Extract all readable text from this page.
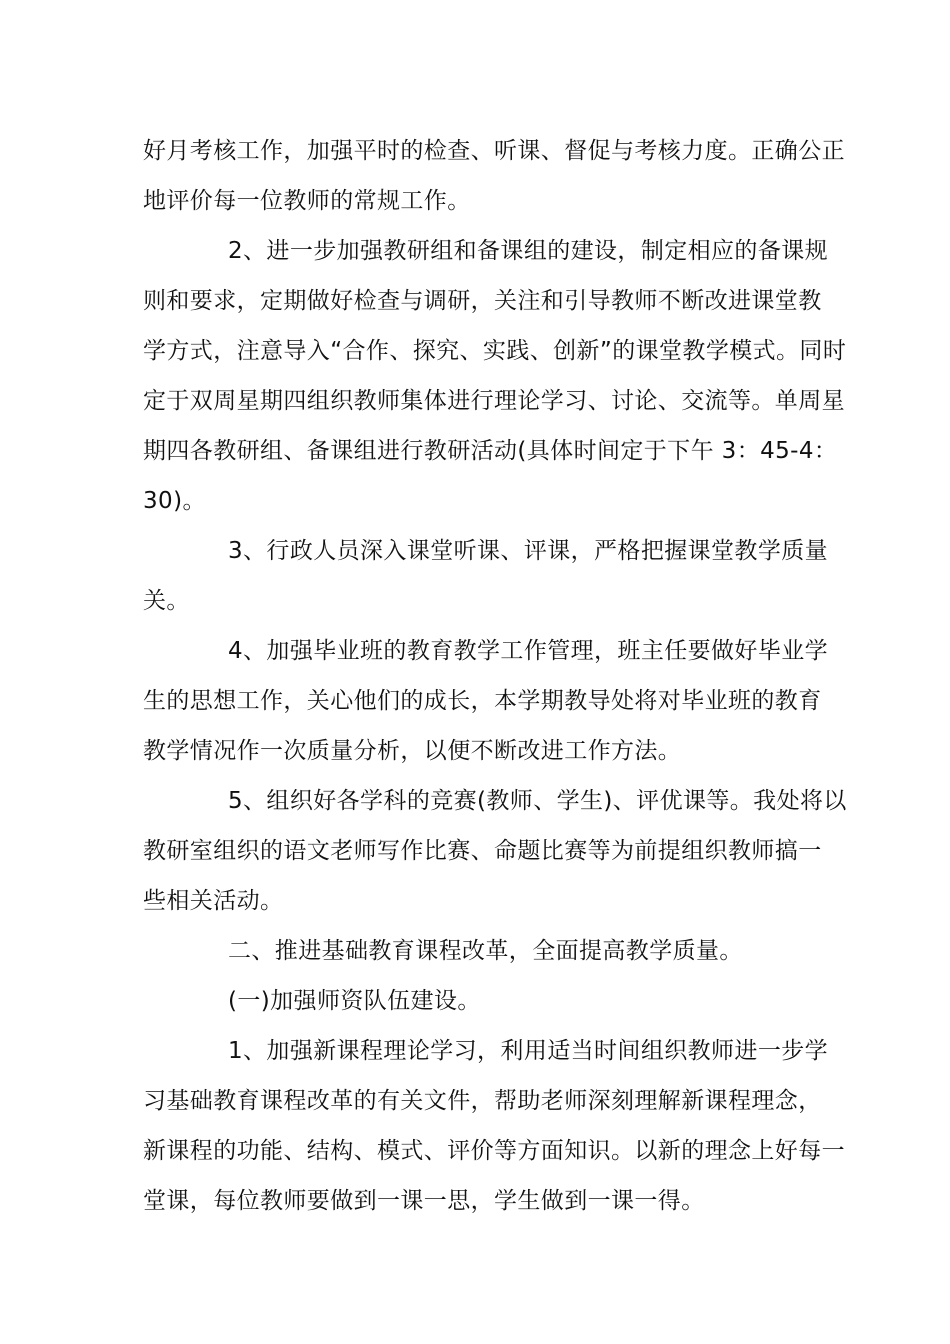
好月考核工作，加强平时的检查、听课、督促与考核力度。正确公正
地评价每一位教师的常规工作。
2、进一步加强教研组和备课组的建设，制定相应的备课规
则和要求，定期做好检查与调研，关注和引导教师不断改进课堂教
学方式，注意导入“合作、探究、实践、创新”的课堂教学模式。同时
定于双周星期四组织教师集体进行理论学习、讨论、交流等。单周星
期四各教研组、备课组进行教研活动(具体时间定于下午 3：45-4：
30)。
3、行政人员深入课堂听课、评课，严格把握课堂教学质量
关。
4、加强毕业班的教育教学工作管理，班主任要做好毕业学
生的思想工作，关心他们的成长，本学期教导处将对毕业班的教育
教学情况作一次质量分析，以便不断改进工作方法。
5、组织好各学科的竞赛(教师、学生)、评优课等。我处将以
教研室组织的语文老师写作比赛、命题比赛等为前提组织教师搞一
些相关活动。
二、推进基础教育课程改革，全面提高教学质量。
(一)加强师资队伍建设。
1、加强新课程理论学习，利用适当时间组织教师进一步学
习基础教育课程改革的有关文件，帮助老师深刻理解新课程理念，
新课程的功能、结构、模式、评价等方面知识。以新的理念上好每一
堂课，每位教师要做到一课一思，学生做到一课一得。
